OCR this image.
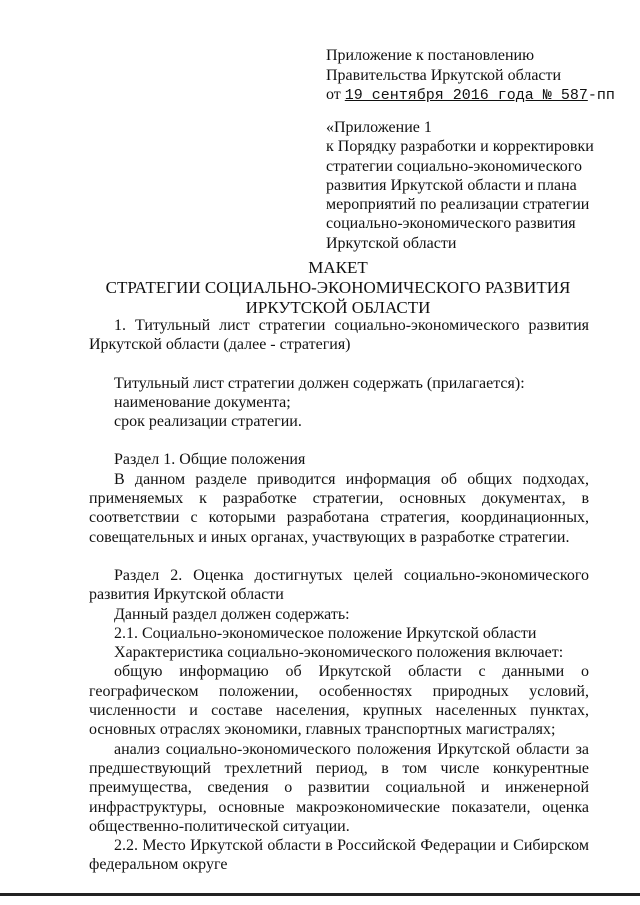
Приложение к постановлению
Правительства Иркутской области
от 19 сентября 2016 года № 587-пп
«Приложение 1
к Порядку разработки и корректировки
стратегии социально-экономического
развития Иркутской области и плана
мероприятий по реализации стратегии
социально-экономического развития
Иркутской области
МАКЕТ
СТРАТЕГИИ СОЦИАЛЬНО-ЭКОНОМИЧЕСКОГО РАЗВИТИЯ
ИРКУТСКОЙ ОБЛАСТИ

1. Титульный лист стратегии социально-экономического развития Иркутской области (далее - стратегия)

Титульный лист стратегии должен содержать (прилагается):

наименование документа;

срок реализации стратегии.

Раздел 1. Общие положения

В данном разделе приводится информация об общих подходах, применяемых к разработке стратегии, основных документах, в соответствии с которыми разработана стратегия, координационных, совещательных и иных органах, участвующих в разработке стратегии.

Раздел 2. Оценка достигнутых целей социально-экономического развития Иркутской области

Данный раздел должен содержать:

2.1. Социально-экономическое положение Иркутской области

Характеристика социально-экономического положения включает:

общую информацию об Иркутской области с данными о географическом положении, особенностях природных условий, численности и составе населения, крупных населенных пунктах, основных отраслях экономики, главных транспортных магистралях;

анализ социально-экономического положения Иркутской области за предшествующий трехлетний период, в том числе конкурентные преимущества, сведения о развитии социальной и инженерной инфраструктуры, основные макроэкономические показатели, оценка общественно-политической ситуации.

2.2. Место Иркутской области в Российской Федерации и Сибирском федеральном округе
